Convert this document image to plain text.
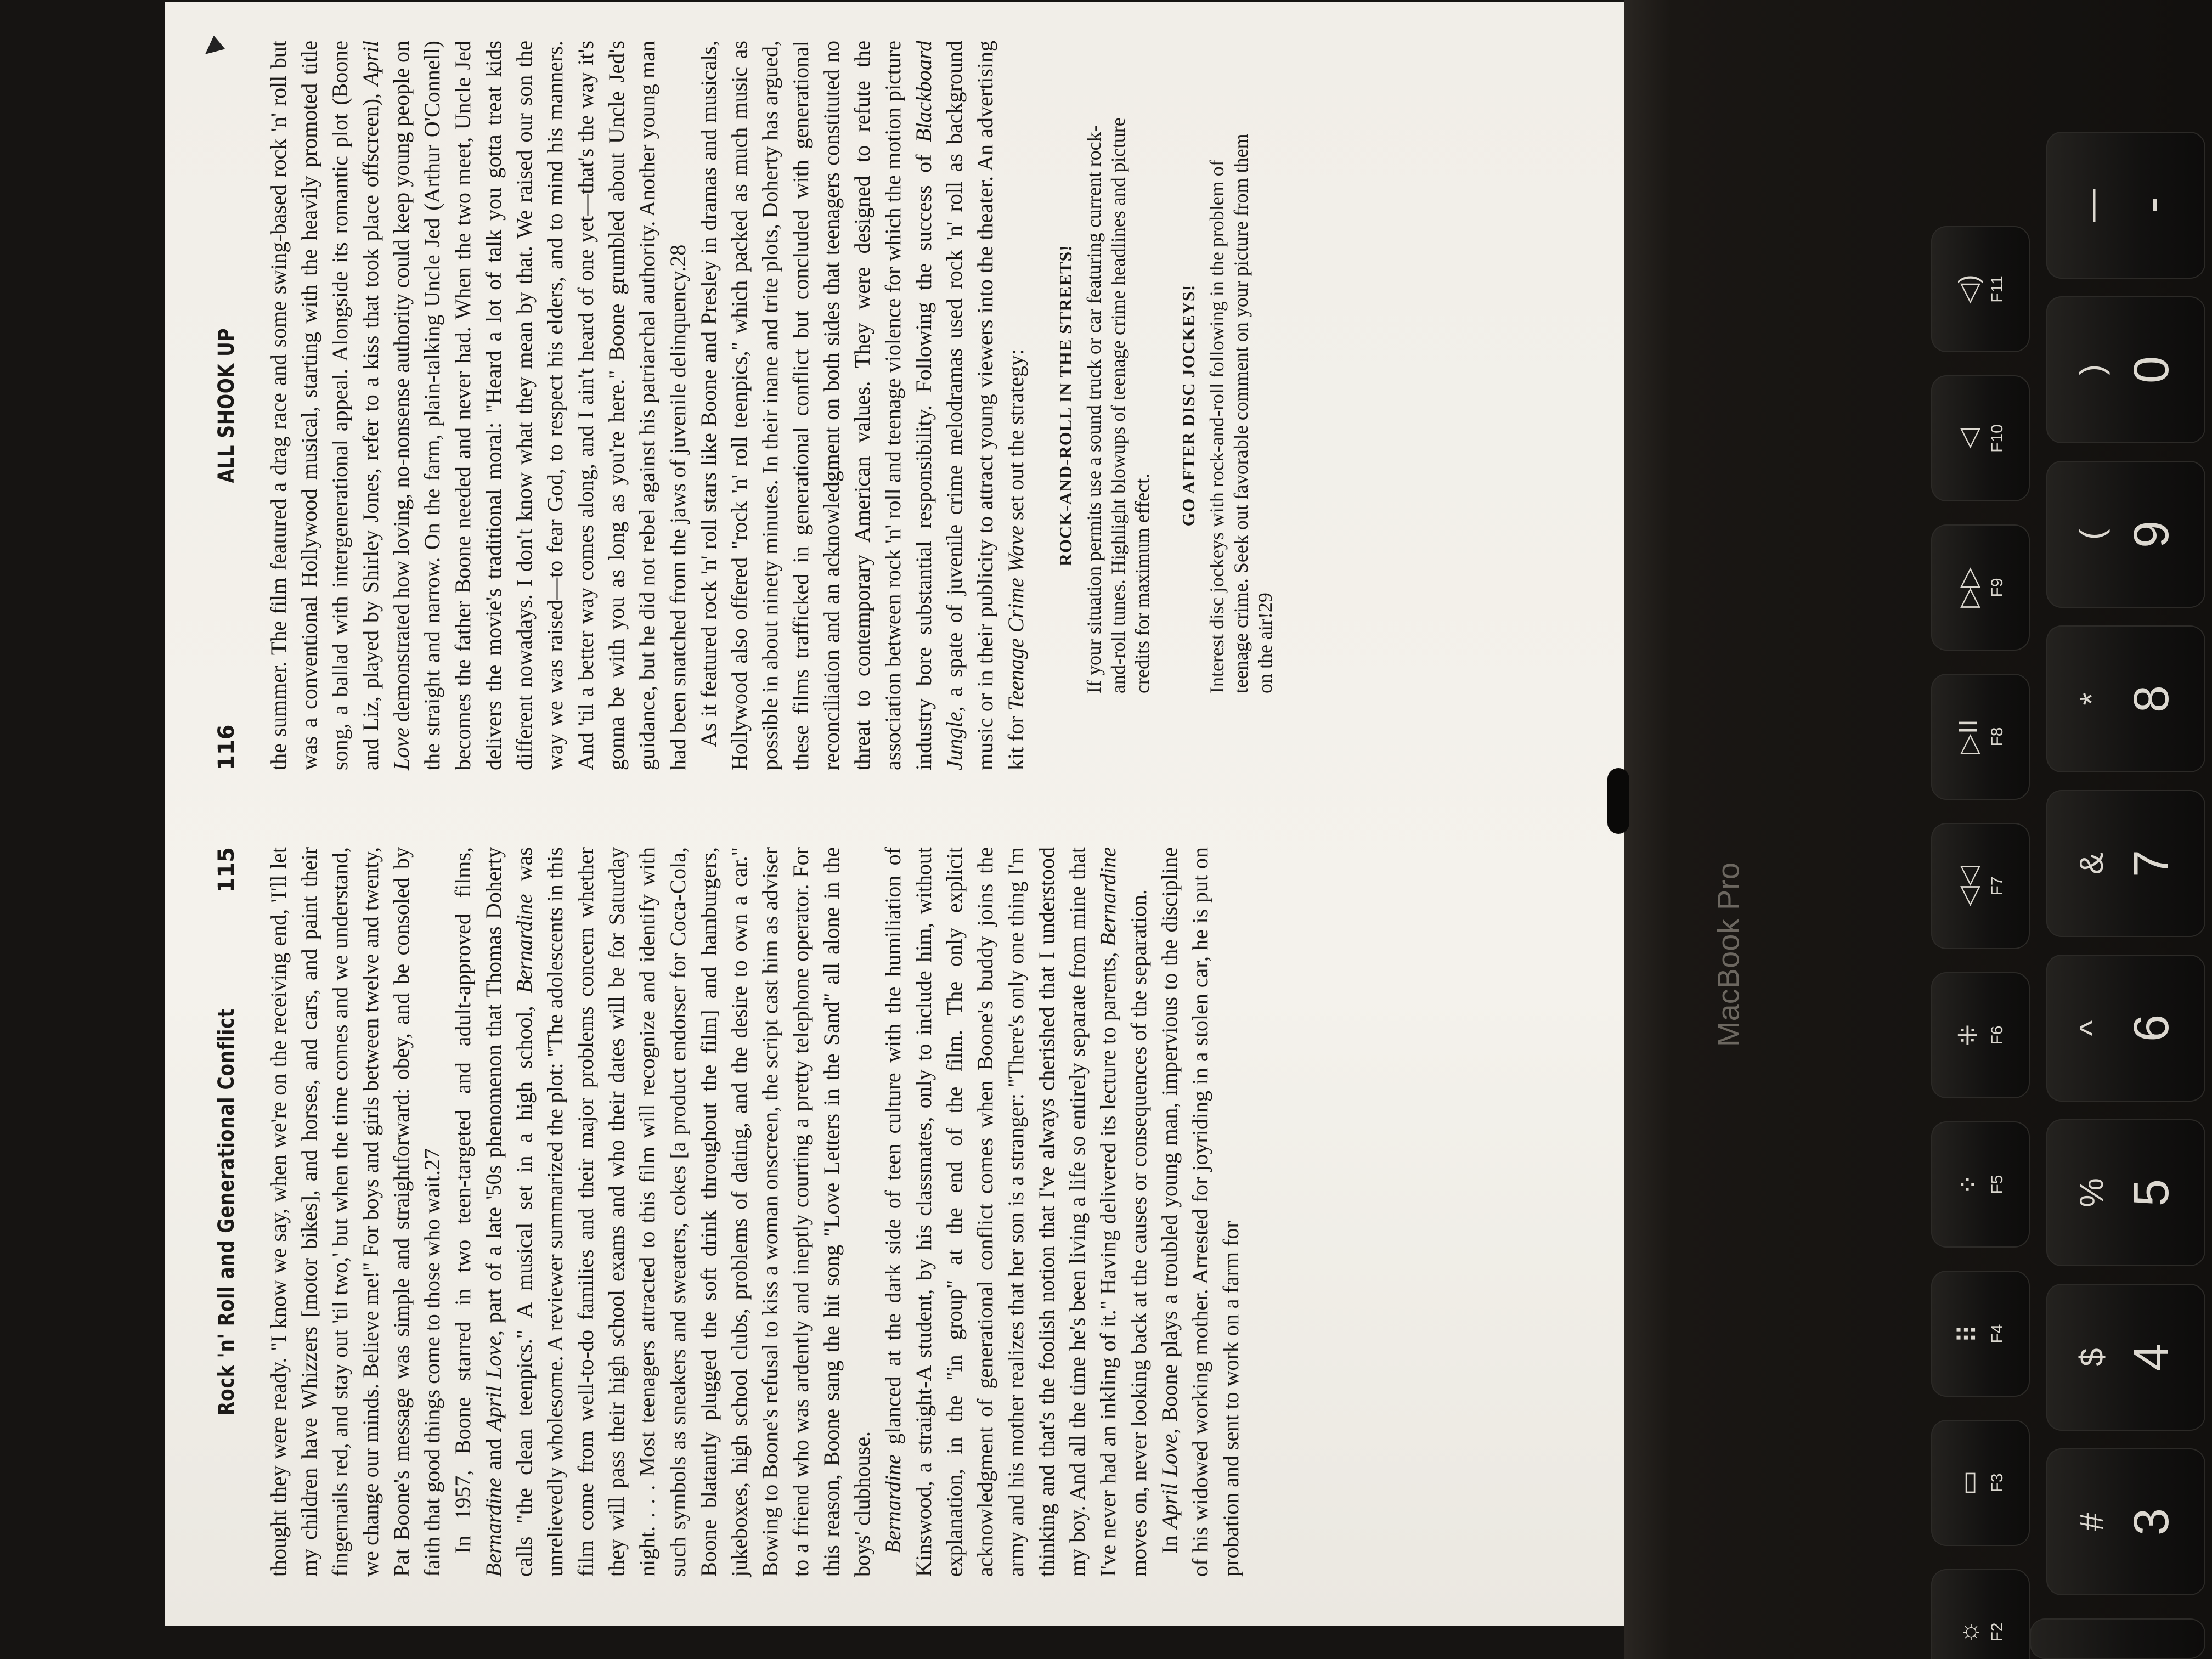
Rock 'n' Roll and Generational Conflict
115 thought they were ready. "I know we say, when we're on the receiving end, 'I'll let my children have Whizzers [motor bikes], and horses, and cars, and paint their fingernails red, and stay out 'til two,' but when the time comes and we understand, we change our minds. Believe me!" For boys and girls between twelve and twenty, Pat Boone's message was simple and straightforward: obey, and be consoled by faith that good things come to those who wait.27 In 1957, Boone starred in two teen-targeted and adult-approved films, Bernardine and April Love, part of a late '50s phenomenon that Thomas Doherty calls "the clean teenpics." A musical set in a high school, Bernardine was unrelievedly wholesome. A reviewer summarized the plot: "The adolescents in this film come from well-to-do families and their major problems concern whether they will pass their high school exams and who their dates will be for Saturday night. . . . Most teenagers attracted to this film will recognize and identify with such symbols as sneakers and sweaters, cokes [a product endorser for Coca-Cola, Boone blatantly plugged the soft drink throughout the film] and hamburgers, jukeboxes, high school clubs, problems of dating, and the desire to own a car." Bowing to Boone's refusal to kiss a woman onscreen, the script cast him as adviser to a friend who was ardently and ineptly courting a pretty telephone operator. For this reason, Boone sang the hit song "Love Letters in the Sand" all alone in the boys' clubhouse. Bernardine glanced at the dark side of teen culture with the humiliation of Kinswood, a straight-A student, by his classmates, only to include him, without explanation, in the "in group" at the end of the film. The only explicit acknowledgment of generational conflict comes when Boone's buddy joins the army and his mother realizes that her son is a stranger: "There's only one thing I'm thinking and that's the foolish notion that I've always cherished that I understood my boy. And all the time he's been living a life so entirely separate from mine that I've never had an inkling of it." Having delivered its lecture to parents, Bernardine moves on, never looking back at the causes or consequences of the separation. In April Love, Boone plays a troubled young man, impervious to the discipline of his widowed working mother. Arrested for joyriding in a stolen car, he is put on probation and sent to work on a farm for

116
ALL SHOOK UP the summer. The film featured a drag race and some swing-based rock 'n' roll but was a conventional Hollywood musical, starting with the heavily promoted title song, a ballad with intergenerational appeal. Alongside its romantic plot (Boone and Liz, played by Shirley Jones, refer to a kiss that took place offscreen), April Love demonstrated how loving, no-nonsense authority could keep young people on the straight and narrow. On the farm, plain-talking Uncle Jed (Arthur O'Connell) becomes the father Boone needed and never had. When the two meet, Uncle Jed delivers the movie's traditional moral: "Heard a lot of talk you gotta treat kids different nowadays. I don't know what they mean by that. We raised our son the way we was raised—to fear God, to respect his elders, and to mind his manners. And 'til a better way comes along, and I ain't heard of one yet—that's the way it's gonna be with you as long as you're here." Boone grumbled about Uncle Jed's guidance, but he did not rebel against his patriarchal authority. Another young man had been snatched from the jaws of juvenile delinquency.28 As it featured rock 'n' roll stars like Boone and Presley in dramas and musicals, Hollywood also offered "rock 'n' roll teenpics," which packed as much music as possible in about ninety minutes. In their inane and trite plots, Doherty has argued, these films trafficked in generational conflict but concluded with generational reconciliation and an acknowledgment on both sides that teenagers constituted no threat to contemporary American values. They were designed to refute the association between rock 'n' roll and teenage violence for which the motion picture industry bore substantial responsibility. Following the success of Blackboard Jungle, a spate of juvenile crime melodramas used rock 'n' roll as background music or in their publicity to attract young viewers into the theater. An advertising kit for Teenage Crime Wave set out the strategy: ROCK-AND-ROLL IN THE STREETS! If your situation permits use a sound truck or car featuring current rock-and-roll tunes. Highlight blowups of teenage crime headlines and picture credits for maximum effect.
GO AFTER DISC JOCKEYS! Interest disc jockeys with rock-and-roll following in the problem of teenage crime. Seek out favorable comment on your picture from them on the air!29
MacBook Pro
☼ F2
▭ F3
⠿ F4
⁘ F5
⁜ F6
◁◁ F7
▷II F8
▷▷ F9
◁ F10
◁) F11
# 3
$ 4
% 5
^ 6
& 7
* 8
( 9
) 0
— -
